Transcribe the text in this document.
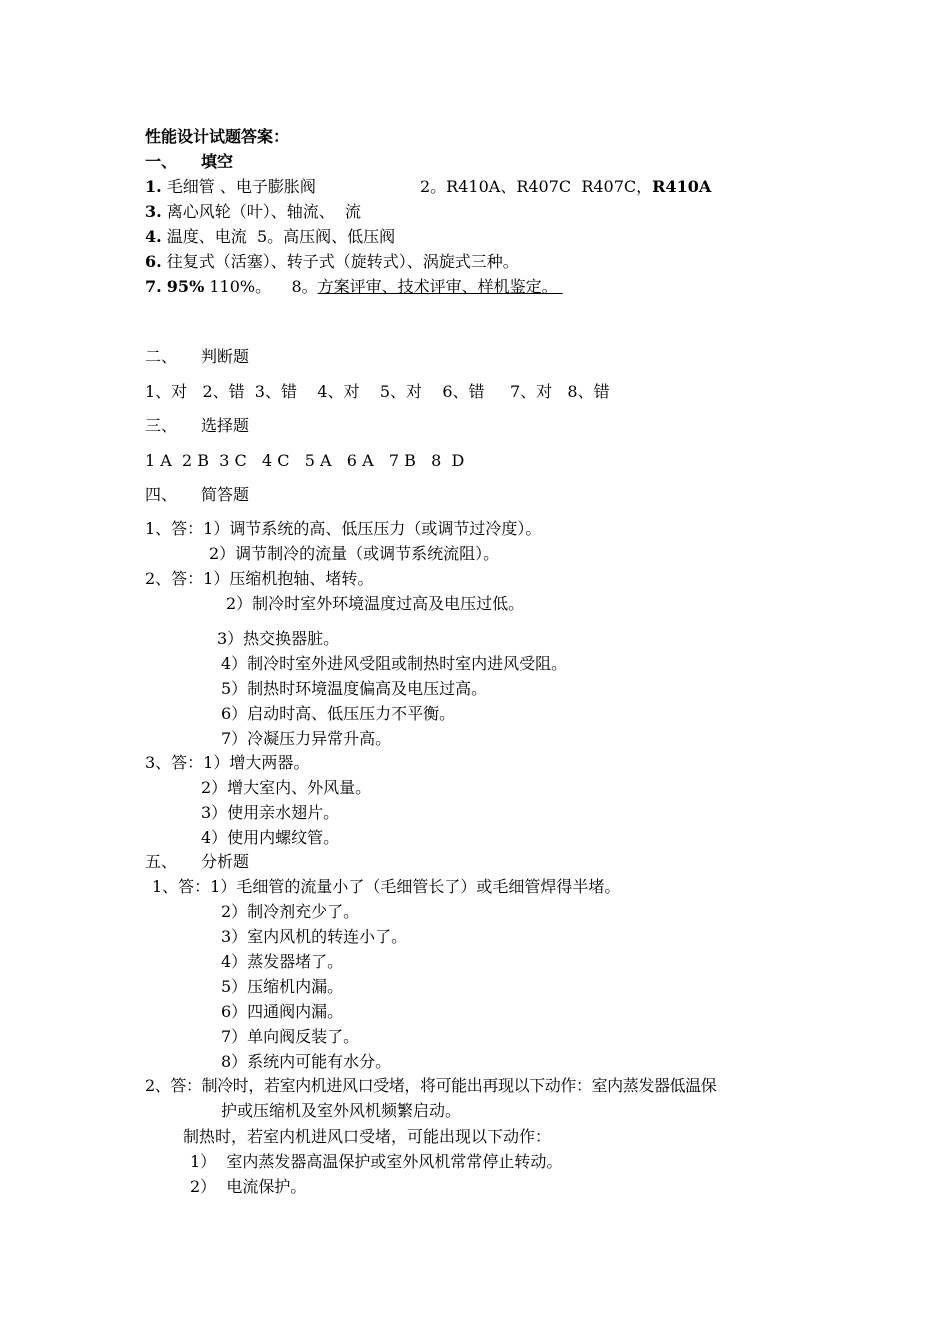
性能设计试题答案：
一、 填空
1. 毛细管 、电子膨胀阀	2。R410A、R407C  R407C，R410A
3. 离心风轮（叶）、轴流、  流
4. 温度、电流  5。高压阀、低压阀
6. 往复式（活塞）、转子式（旋转式）、涡旋式三种。
7. 95% 110%。    8。方案评审、技术评审、样机鉴定。
二、 判断题
1、对   2、错  3、错    4、对    5、对    6、错     7、对   8、错
三、 选择题
1 A  2 B  3 C   4 C   5 A   6 A   7 B   8  D
四、 简答题
1、答：1）调节系统的高、低压压力（或调节过冷度）。
2）调节制冷的流量（或调节系统流阻）。
2、答：1）压缩机抱轴、堵转。
2）制冷时室外环境温度过高及电压过低。
3）热交换器脏。
4）制冷时室外进风受阻或制热时室内进风受阻。
5）制热时环境温度偏高及电压过高。
6）启动时高、低压压力不平衡。
7）冷凝压力异常升高。
3、答：1）增大两器。
2）增大室内、外风量。
3）使用亲水翅片。
4）使用内螺纹管。
五、 分析题
1、答：1）毛细管的流量小了（毛细管长了）或毛细管焊得半堵。
2）制冷剂充少了。
3）室内风机的转连小了。
4）蒸发器堵了。
5）压缩机内漏。
6）四通阀内漏。
7）单向阀反装了。
8）系统内可能有水分。
2、答：制冷时，若室内机进风口受堵，将可能出再现以下动作：室内蒸发器低温保
护或压缩机及室外风机频繁启动。
制热时，若室内机进风口受堵，可能出现以下动作：
1）  室内蒸发器高温保护或室外风机常常停止转动。
2）  电流保护。
